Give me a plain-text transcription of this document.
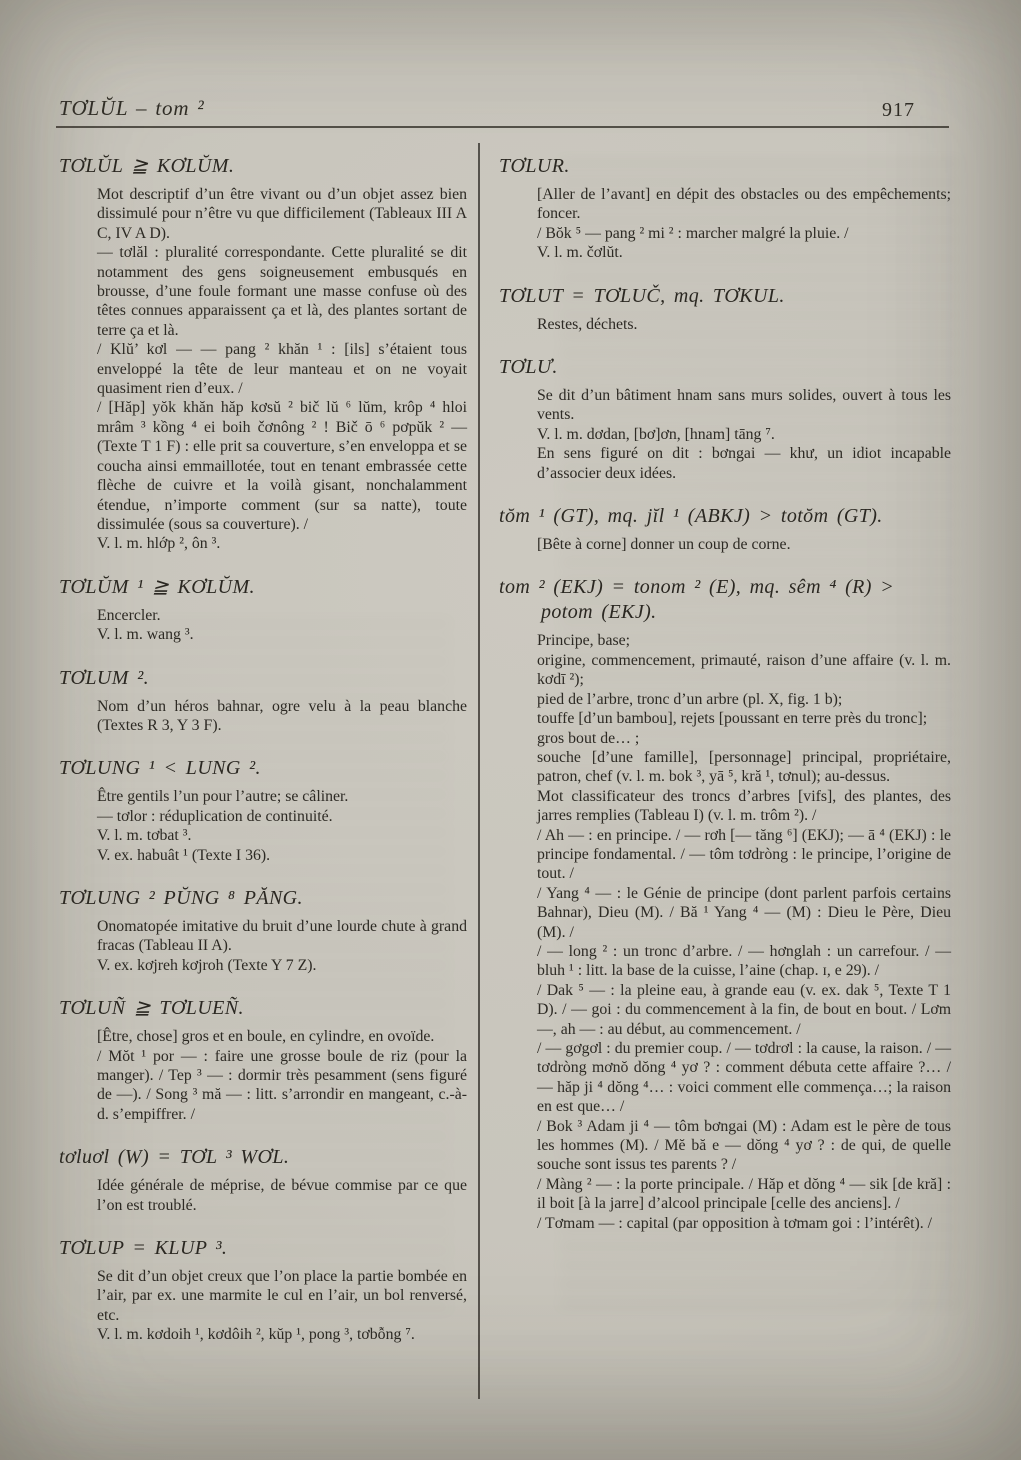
TƠLŬL – tom ²	917
TƠLŬL ≧ KƠLŬM.

Mot descriptif d’un être vivant ou d’un objet assez bien dissimulé pour n’être vu que difficilement (Tableaux III A C, IV A D).

— tơlăl : pluralité correspondante. Cette pluralité se dit notamment des gens soigneusement embusqués en brousse, d’une foule formant une masse confuse où des têtes connues apparaissent ça et là, des plantes sortant de terre ça et là.

/ Klŭ’ kơl — — pang ² khăn ¹ : [ils] s’étaient tous enveloppé la tête de leur manteau et on ne voyait quasiment rien d’eux. /

/ [Hăp] yŏk khăn hăp kơsŭ ² bič lŭ ⁶ lŭm, krôp ⁴ hloi mrâm ³ kồng ⁴ ei boih čơnông ² ! Bič ō ⁶ pơpŭk ² — (Texte T 1 F) : elle prit sa couverture, s’en enveloppa et se coucha ainsi emmaillotée, tout en tenant embrassée cette flèche de cuivre et la voilà gisant, nonchalamment étendue, n’importe comment (sur sa natte), toute dissimulée (sous sa couverture). /

V. l. m. hlớp ², ôn ³.

TƠLŬM ¹ ≧ KƠLŬM.

Encercler.

V. l. m. wang ³.

TƠLUM ².

Nom d’un héros bahnar, ogre velu à la peau blanche (Textes R 3, Y 3 F).

TƠLUNG ¹ < LUNG ².

Être gentils l’un pour l’autre; se câliner.

— tơlor : réduplication de continuité.

V. l. m. tơbat ³.

V. ex. habuât ¹ (Texte I 36).

TƠLUNG ² PŬNG ⁸ PĂNG.

Onomatopée imitative du bruit d’une lourde chute à grand fracas (Tableau II A).

V. ex. kơjreh kơjroh (Texte Y 7 Z).

TƠLUÑ ≧ TƠLUEÑ.

[Être, chose] gros et en boule, en cylindre, en ovoïde.

/ Mŏt ¹ por — : faire une grosse boule de riz (pour la manger). / Tep ³ — : dormir très pesamment (sens figuré de —). / Song ³ mă — : litt. s’arrondir en mangeant, c.-à-d. s’empiffrer. /

tơluơl (W) = TƠL ³ WƠL.

Idée générale de méprise, de bévue commise par ce que l’on est troublé.

TƠLUP = KLUP ³.

Se dit d’un objet creux que l’on place la partie bombée en l’air, par ex. une marmite le cul en l’air, un bol renversé, etc.

V. l. m. kơdoih ¹, kơdôih ², kŭp ¹, pong ³, tơbỗng ⁷.

TƠLUR.

[Aller de l’avant] en dépit des obstacles ou des empêchements; foncer.

/ Bŏk ⁵ — pang ² mi ² : marcher malgré la pluie. /

V. l. m. čơlŭt.

TƠLUT = TƠLUČ, mq. TƠKUL.

Restes, déchets.

TƠLƯ.

Se dit d’un bâtiment hnam sans murs solides, ouvert à tous les vents.

V. l. m. dơdan, [bơ]ơn, [hnam] tāng ⁷.

En sens figuré on dit : bơngai — khư, un idiot incapable d’associer deux idées.

tŏm ¹ (GT), mq. jĭl ¹ (ABKJ) > totŏm (GT).

[Bête à corne] donner un coup de corne.

tom ² (EKJ) = tonom ² (E), mq. sêm ⁴ (R) > potom (EKJ).

Principe, base;

origine, commencement, primauté, raison d’une affaire (v. l. m. kơdī ²);

pied de l’arbre, tronc d’un arbre (pl. X, fig. 1 b);

touffe [d’un bambou], rejets [poussant en terre près du tronc];

gros bout de… ;

souche [d’une famille], [personnage] principal, propriétaire, patron, chef (v. l. m. bok ³, yā ⁵, kră ¹, tơnul); au-dessus.

Mot classificateur des troncs d’arbres [vifs], des plantes, des jarres remplies (Tableau I) (v. l. m. trôm ²). /

/ Ah — : en principe. / — rơh [— tăng ⁶] (EKJ); — ā ⁴ (EKJ) : le principe fondamental. / — tôm tơdròng : le principe, l’origine de tout. /

/ Yang ⁴ — : le Génie de principe (dont parlent parfois certains Bahnar), Dieu (M). / Bă ¹ Yang ⁴ — (M) : Dieu le Père, Dieu (M). /

/ — long ² : un tronc d’arbre. / — hơnglah : un carrefour. / — bluh ¹ : litt. la base de la cuisse, l’aine (chap. ɪ, e 29). /

/ Dak ⁵ — : la pleine eau, à grande eau (v. ex. dak ⁵, Texte T 1 D). / — goi : du commencement à la fin, de bout en bout. / Lơm —, ah — : au début, au commencement. /

/ — gơgơl : du premier coup. / — tơdrơl : la cause, la raison. / — tơdròng mơnŏ dŏng ⁴ yơ ? : comment débuta cette affaire ?… / — hăp ji ⁴ dŏng ⁴… : voici comment elle commença…; la raison en est que… /

/ Bok ³ Adam ji ⁴ — tôm bơngai (M) : Adam est le père de tous les hommes (M). / Mĕ bă e — dŏng ⁴ yơ ? : de qui, de quelle souche sont issus tes parents ? /

/ Màng ² — : la porte principale. / Hăp et dŏng ⁴ — sik [de kră] : il boit [à la jarre] d’alcool principale [celle des anciens]. /

/ Tơmam — : capital (par opposition à tơmam goi : l’intérêt). /
